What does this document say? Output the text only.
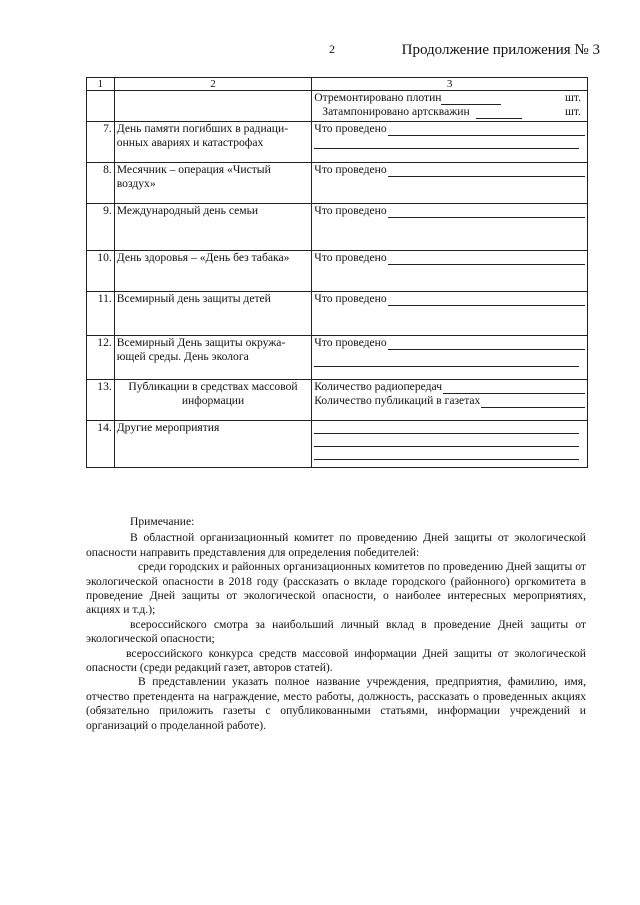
2	Продолжение приложения № 3
1	2	3

		Отремонтировано плотин шт.
Затампонировано артскважин шт.

7.	День памяти погибших в радиаци-онных авариях и катастрофах	Что проведено

8.	Месячник – операция «Чистый воздух»	Что проведено

9.	Международный день семьи	Что проведено

10.	День здоровья – «День без табака»	Что проведено

11.	Всемирный день защиты детей	Что проведено

12.	Всемирный День защиты окружа-ющей среды. День эколога	Что проведено

13.	Публикации в средствах массовой информации	Количество радиопередач
Количество публикаций в газетах

14.	Другие мероприятия	

Примечание:

В областной организационный комитет по проведению Дней защиты от экологической опасности направить представления для определения победителей:

среди городских и районных организационных комитетов по проведению Дней защиты от экологической опасности в 2018 году (рассказать о вкладе городского (районного) оргкомитета в проведение Дней защиты от экологической опасности, о наиболее интересных мероприятиях, акциях и т.д.);

всероссийского смотра за наибольший личный вклад в проведение Дней защиты от экологической опасности;

всероссийского конкурса средств массовой информации Дней защиты от экологической опасности (среди редакций газет, авторов статей).

В представлении указать полное название учреждения, предприятия, фамилию, имя, отчество претендента на награждение, место работы, должность, рассказать о проведенных акциях (обязательно приложить газеты с опубликованными статьями, информации учреждений и организаций о проделанной работе).
